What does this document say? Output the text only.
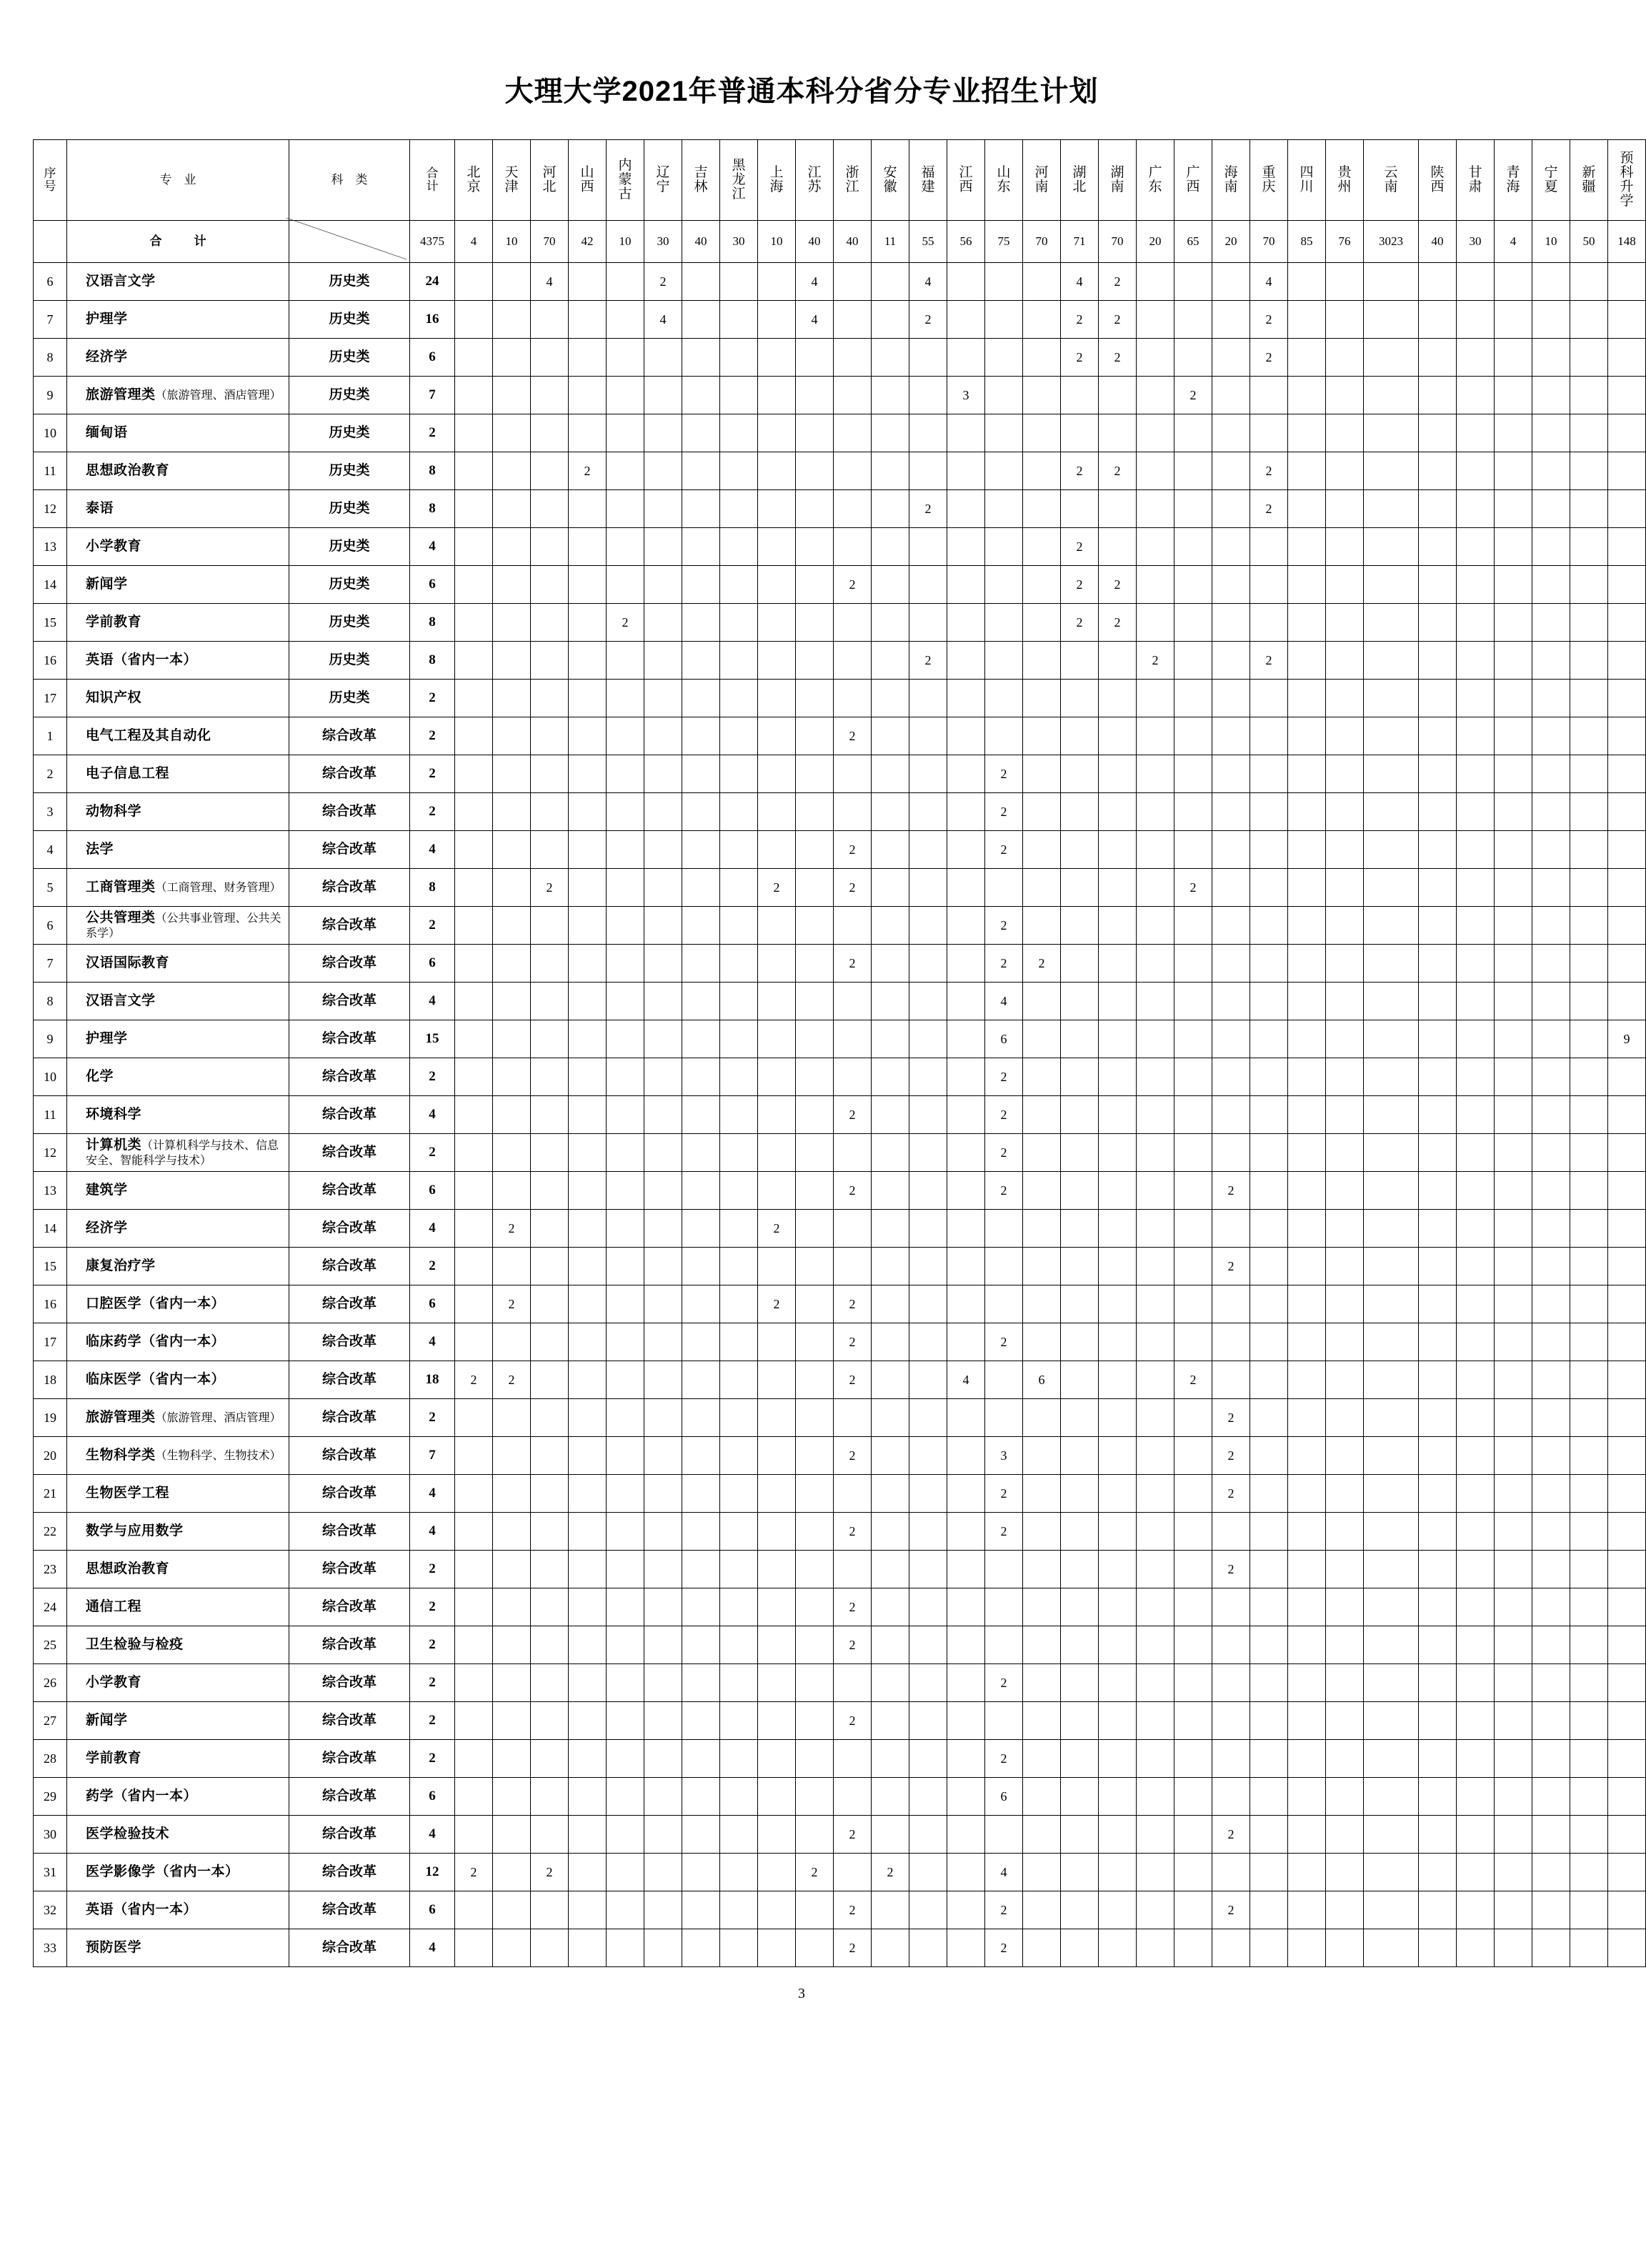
大理大学2021年普通本科分省分专业招生计划
序号	专　业	科　类	合计	北京	天津	河北	山西	内蒙古	辽宁	吉林	黑龙江	上海	江苏	浙江	安徽	福建	江西	山东	河南	湖北	湖南	广东	广西	海南	重庆	四川	贵州	云南	陕西	甘肃	青海	宁夏	新疆	预科升学
	合　计		4375	4	10	70	42	10	30	40	30	10	40	40	11	55	56	75	70	71	70	20	65	20	70	85	76	3023	40	30	4	10	50	148
6	汉语言文学	历史类	24			4			2				4			4				4	2				4									
7	护理学	历史类	16						4				4			2				2	2				2									
8	经济学	历史类	6																	2	2				2									
9	旅游管理类（旅游管理、酒店管理）	历史类	7														3						2											
10	缅甸语	历史类	2																															
11	思想政治教育	历史类	8				2													2	2				2									
12	泰语	历史类	8													2									2									
13	小学教育	历史类	4																	2														
14	新闻学	历史类	6											2						2	2													
15	学前教育	历史类	8					2												2	2													
16	英语（省内一本）	历史类	8													2						2			2									
17	知识产权	历史类	2																															
1	电气工程及其自动化	综合改革	2											2																				
2	电子信息工程	综合改革	2															2																
3	动物科学	综合改革	2															2																
4	法学	综合改革	4											2				2																
5	工商管理类（工商管理、财务管理）	综合改革	8			2						2		2									2											
6	公共管理类（公共事业管理、公共关系学）	综合改革	2															2																
7	汉语国际教育	综合改革	6											2				2	2															
8	汉语言文学	综合改革	4															4																
9	护理学	综合改革	15															6																9
10	化学	综合改革	2															2																
11	环境科学	综合改革	4											2				2																
12	计算机类（计算机科学与技术、信息安全、智能科学与技术）	综合改革	2															2																
13	建筑学	综合改革	6											2				2						2										
14	经济学	综合改革	4		2							2																						
15	康复治疗学	综合改革	2																					2										
16	口腔医学（省内一本）	综合改革	6		2							2		2																				
17	临床药学（省内一本）	综合改革	4											2				2																
18	临床医学（省内一本）	综合改革	18	2	2									2			4		6				2											
19	旅游管理类（旅游管理、酒店管理）	综合改革	2																					2										
20	生物科学类（生物科学、生物技术）	综合改革	7											2				3						2										
21	生物医学工程	综合改革	4															2						2										
22	数学与应用数学	综合改革	4											2				2																
23	思想政治教育	综合改革	2																					2										
24	通信工程	综合改革	2											2																				
25	卫生检验与检疫	综合改革	2											2																				
26	小学教育	综合改革	2															2																
27	新闻学	综合改革	2											2																				
28	学前教育	综合改革	2															2																
29	药学（省内一本）	综合改革	6															6																
30	医学检验技术	综合改革	4											2										2										
31	医学影像学（省内一本）	综合改革	12	2		2							2		2			4																
32	英语（省内一本）	综合改革	6											2				2						2										
33	预防医学	综合改革	4											2				2																
3
